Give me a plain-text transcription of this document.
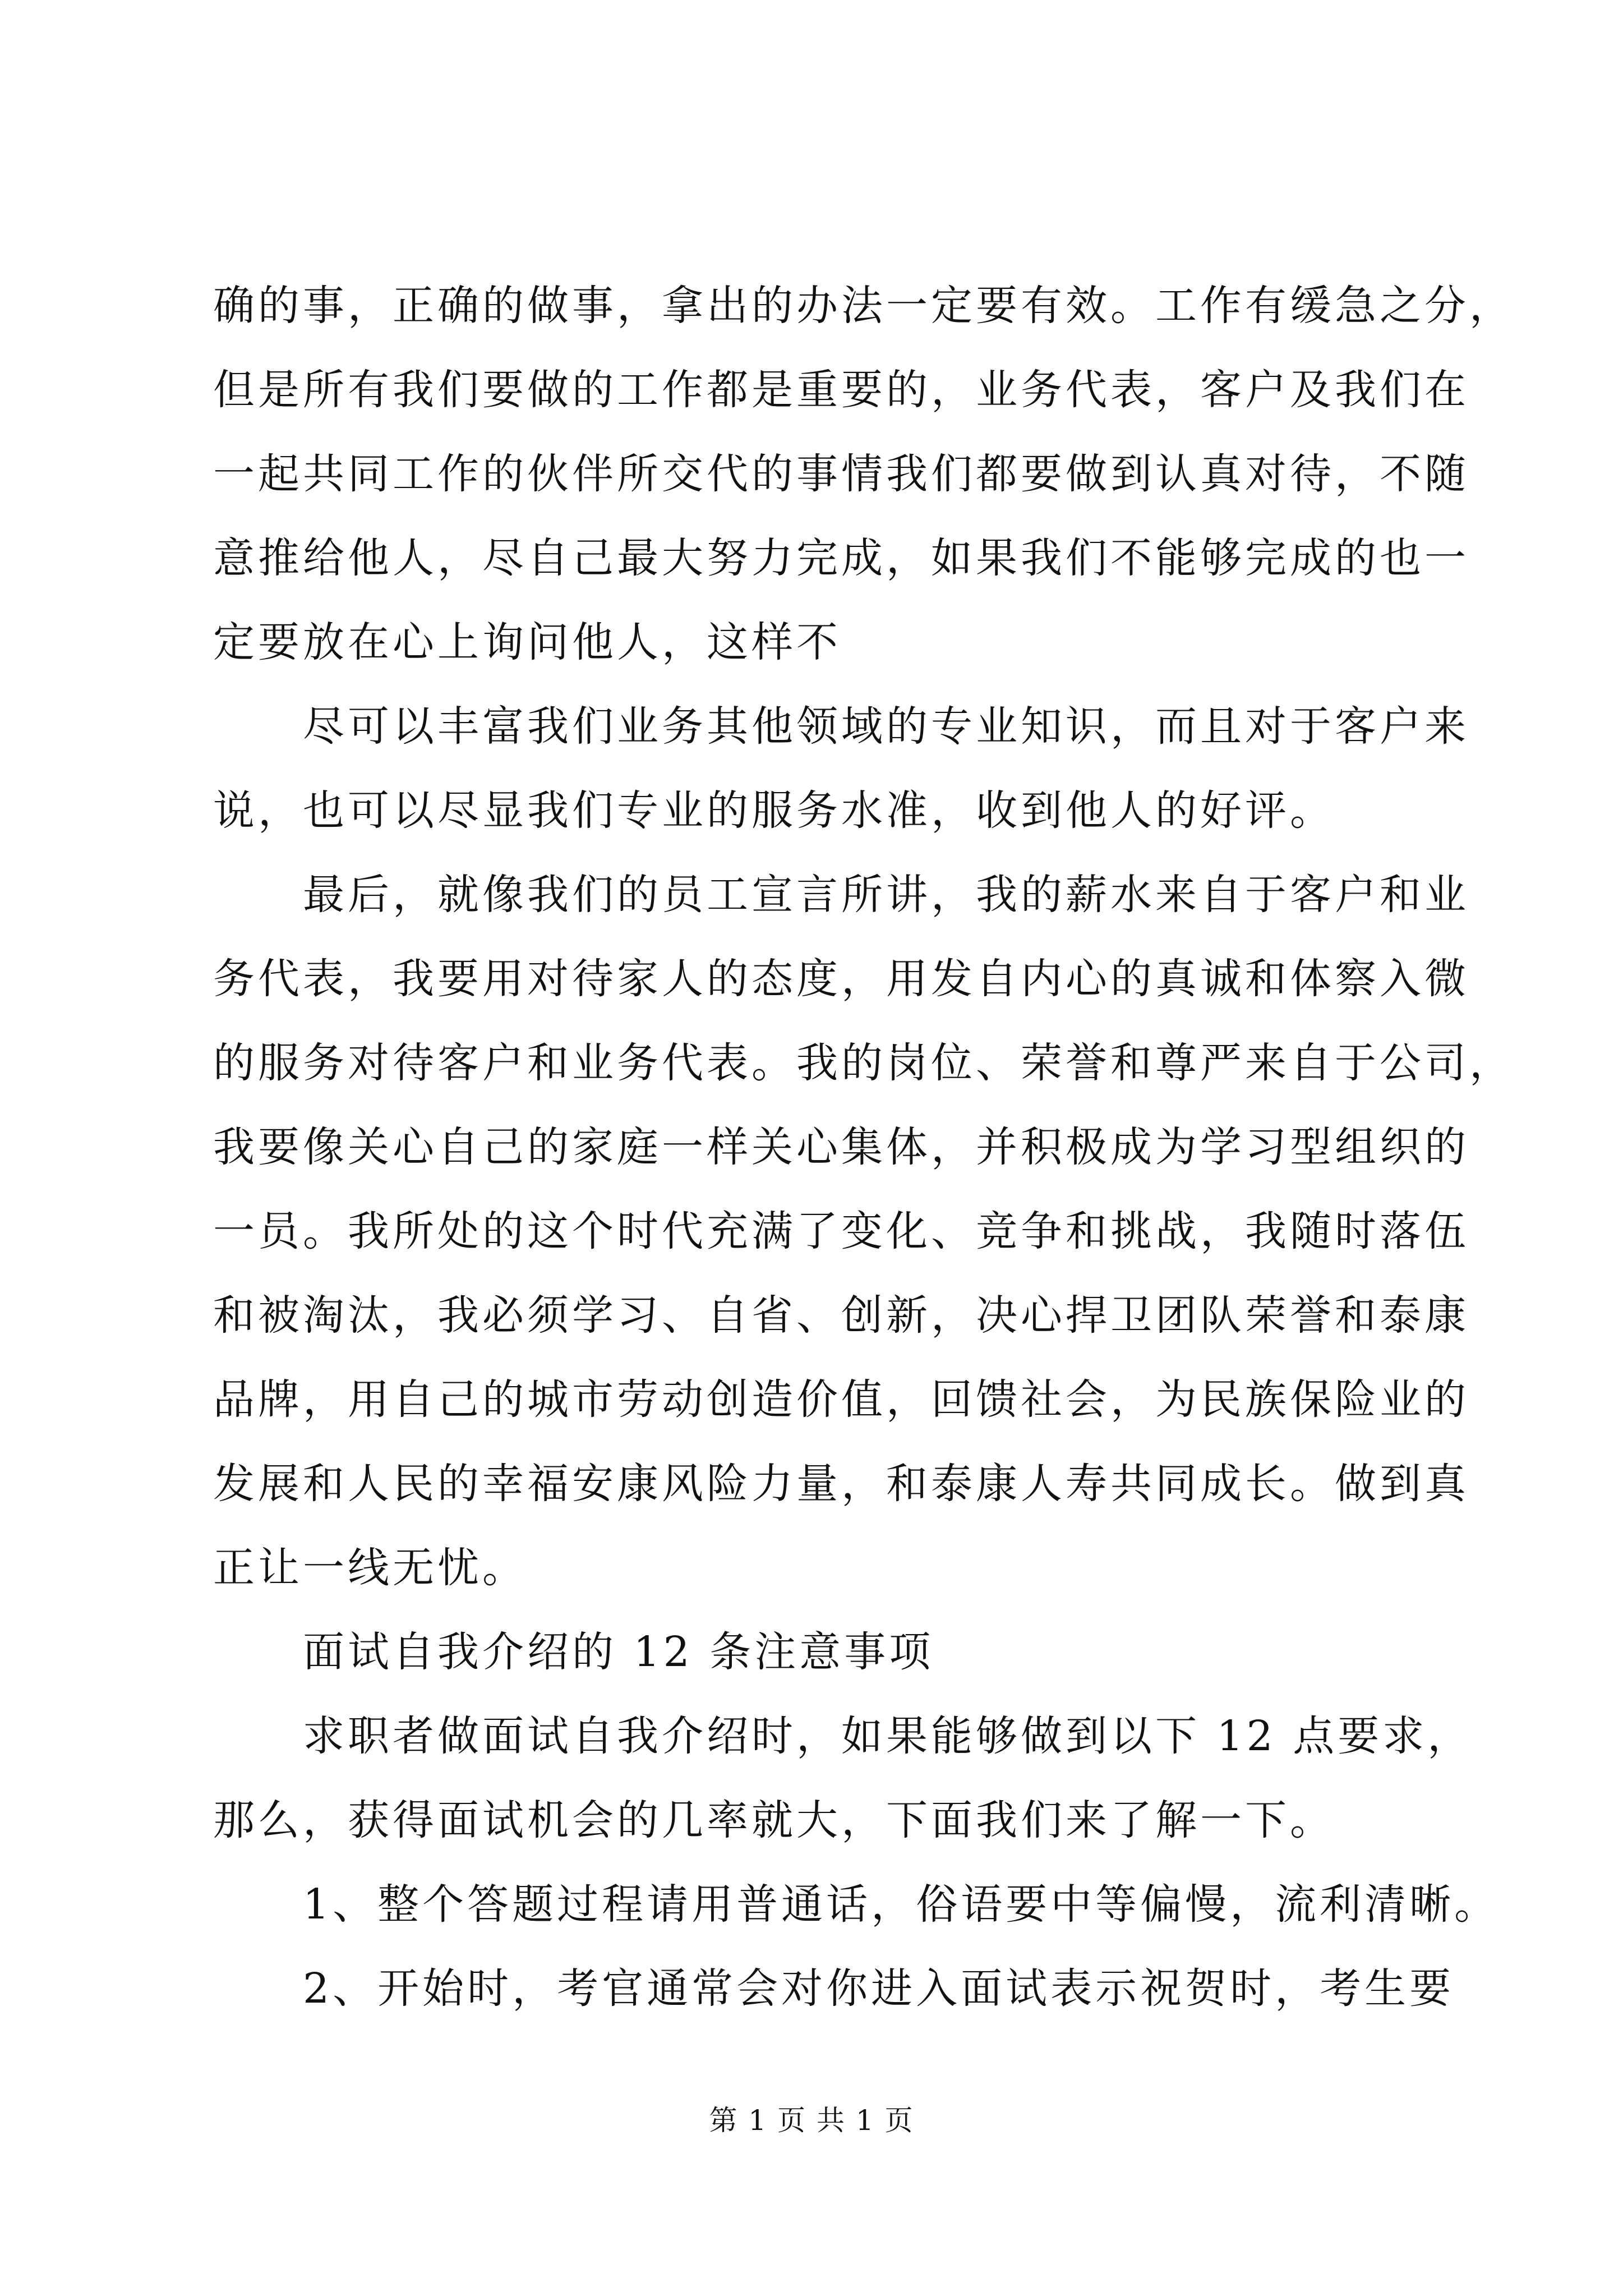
确的事，正确的做事，拿出的办法一定要有效。工作有缓急之分，
但是所有我们要做的工作都是重要的，业务代表，客户及我们在
一起共同工作的伙伴所交代的事情我们都要做到认真对待，不随
意推给他人，尽自己最大努力完成，如果我们不能够完成的也一
定要放在心上询问他人，这样不
尽可以丰富我们业务其他领域的专业知识，而且对于客户来
说，也可以尽显我们专业的服务水准，收到他人的好评。
最后，就像我们的员工宣言所讲，我的薪水来自于客户和业
务代表，我要用对待家人的态度，用发自内心的真诚和体察入微
的服务对待客户和业务代表。我的岗位、荣誉和尊严来自于公司，
我要像关心自己的家庭一样关心集体，并积极成为学习型组织的
一员。我所处的这个时代充满了变化、竞争和挑战，我随时落伍
和被淘汰，我必须学习、自省、创新，决心捍卫团队荣誉和泰康
品牌，用自己的城市劳动创造价值，回馈社会，为民族保险业的
发展和人民的幸福安康风险力量，和泰康人寿共同成长。做到真
正让一线无忧。
面试自我介绍的 12 条注意事项
求职者做面试自我介绍时，如果能够做到以下 12 点要求，
那么，获得面试机会的几率就大，下面我们来了解一下。
1、整个答题过程请用普通话，俗语要中等偏慢，流利清晰。
2、开始时，考官通常会对你进入面试表示祝贺时，考生要
第 1 页 共 1 页
